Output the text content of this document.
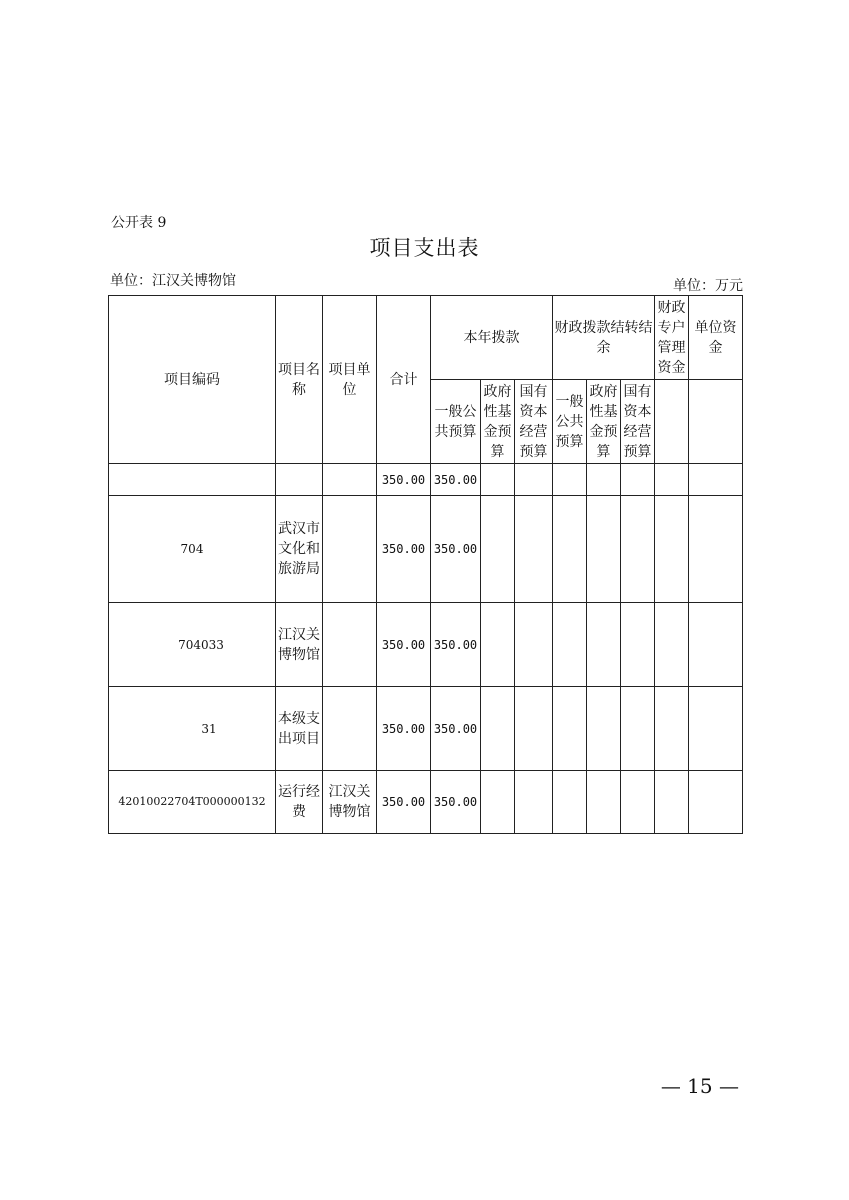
公开表 9
项目支出表
单位：江汉关博物馆	单位：万元
项目编码	项目名称	项目单位	合计	本年拨款			财政拨款结转结余			财政专户管理资金	单位资金
				一般公共预算	政府性基金预算	国有资本经营预算	一般公共预算	政府性基金预算	国有资本经营预算		
			350.00	350.00							
704	武汉市文化和旅游局		350.00	350.00							
704033	江汉关博物馆		350.00	350.00							
31	本级支出项目		350.00	350.00							
42010022704T000000132	运行经费	江汉关博物馆	350.00	350.00							
— 15 —
